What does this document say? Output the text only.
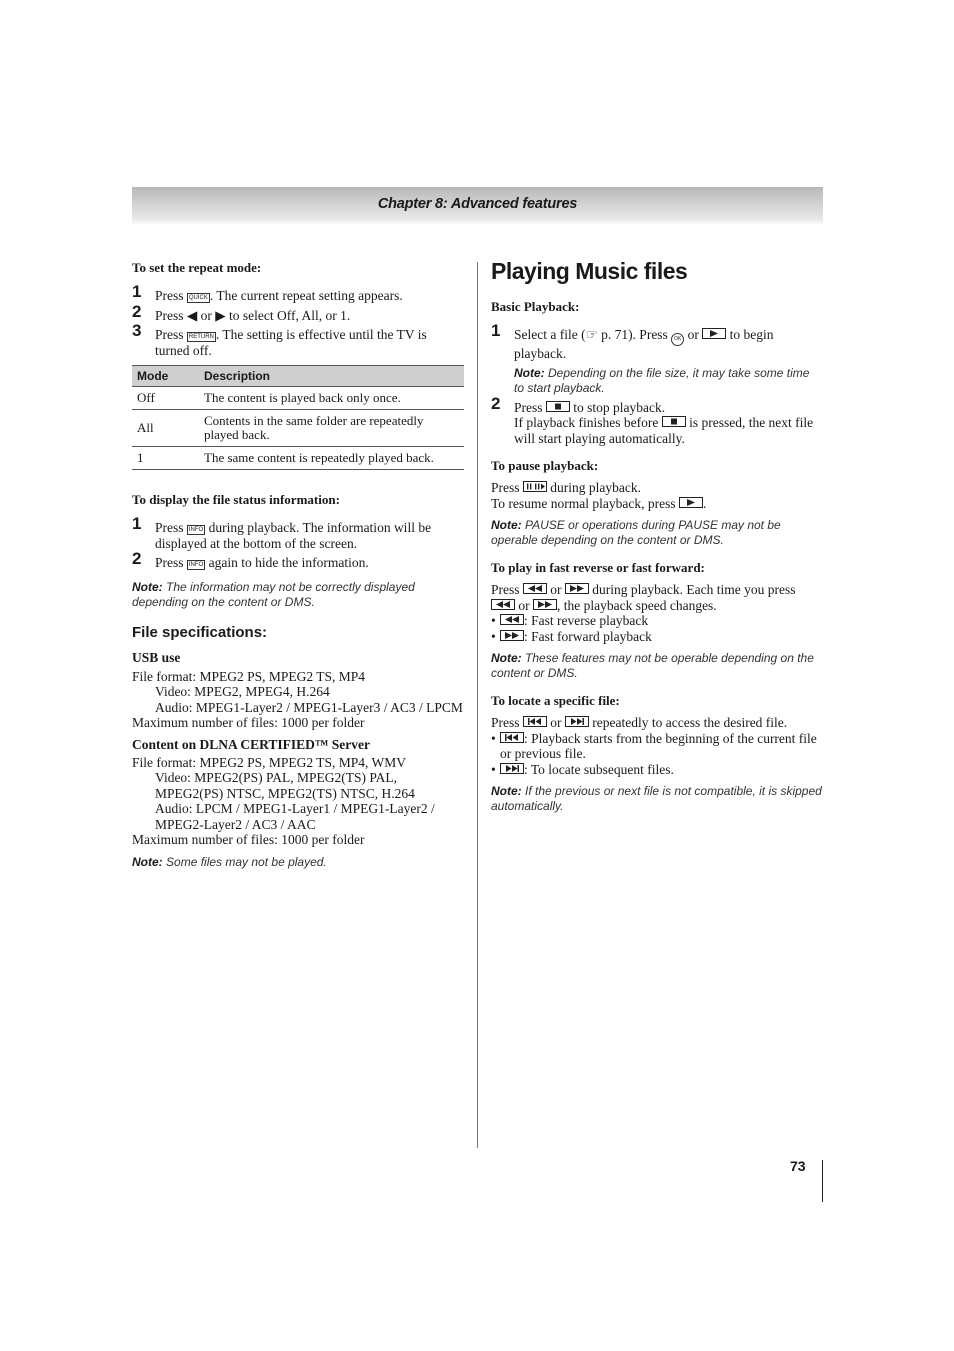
Chapter 8: Advanced features

To set the repeat mode:

1 Press QUICK . The current repeat setting appears.
2 Press ◀ or ▶ to select Off, All, or 1.
3 Press RETURN . The setting is effective until the TV is turned off.
Mode	Description
Off	The content is played back only once.
All	Contents in the same folder are repeatedly played back.
1	The same content is repeatedly played back.

To display the file status information:

1 Press INFO during playback. The information will be displayed at the bottom of the screen.
2 Press INFO again to hide the information.
Note: The information may not be correctly displayed depending on the content or DMS.
File specifications:

USB use

File format: MPEG2 PS, MPEG2 TS, MP4
Video: MPEG2, MPEG4, H.264
Audio: MPEG1-Layer2 / MPEG1-Layer3 / AC3 / LPCM
Maximum number of files: 1000 per folder

Content on DLNA CERTIFIED™ Server

File format: MPEG2 PS, MPEG2 TS, MP4, WMV
Video: MPEG2(PS) PAL, MPEG2(TS) PAL, MPEG2(PS) NTSC, MPEG2(TS) NTSC, H.264
Audio: LPCM / MPEG1-Layer1 / MPEG1-Layer2 / MPEG2-Layer2 / AC3 / AAC
Maximum number of files: 1000 per folder
Note: Some files may not be played.
Playing Music files

Basic Playback:

1 Select a file (☞ p. 71). Press OK or to begin playback.
Note: Depending on the file size, it may take some time to start playback.
2 Press to stop playback.
If playback finishes before is pressed, the next file will start playing automatically.

To pause playback:

Press during playback.
To resume normal playback, press .
Note: PAUSE or operations during PAUSE may not be operable depending on the content or DMS.

To play in fast reverse or fast forward:

Press or during playback. Each time you press

or , the playback speed changes.
• : Fast reverse playback
• : Fast forward playback
Note: These features may not be operable depending on the content or DMS.

To locate a specific file:

Press or repeatedly to access the desired file.
• : Playback starts from the beginning of the current file or previous file.
• : To locate subsequent files.
Note: If the previous or next file is not compatible, it is skipped automatically.
73
